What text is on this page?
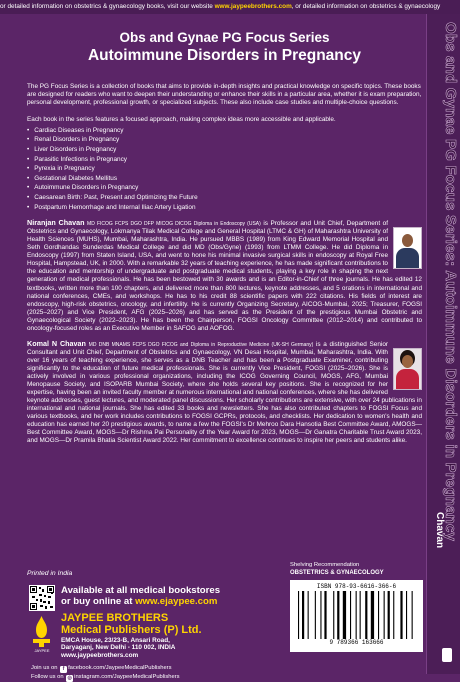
or detailed information on obstetrics & gynaecology books, visit our website www.jaypeebrothers.com, or detailed information on obstetrics & gynaecology
Obs and Gynae PG Focus Series: Autoimmune Disorders in Pregnancy
Chavan
Obs and Gynae PG Focus Series
Autoimmune Disorders in Pregnancy
The PG Focus Series is a collection of books that aims to provide in-depth insights and practical knowledge on specific topics. These books are designed for readers who want to deepen their understanding or enhance their skills in a particular area, whether it is exam preparation, personal development, professional growth, or specialized subjects. These also include case studies and multiple-choice questions.
Each book in the series features a focused approach, making complex ideas more accessible and applicable.
• Cardiac Diseases in Pregnancy
• Renal Disorders in Pregnancy
• Liver Disorders in Pregnancy
• Parasitic Infections in Pregnancy
• Pyrexia in Pregnancy
• Gestational Diabetes Mellitus
• Autoimmune Disorders in Pregnancy
• Caesarean Birth: Past, Present and Optimizing the Future
• Postpartum Hemorrhage and Internal Iliac Artery Ligation
Niranjan Chavan MD FICOG FCPS DGO DFP MICOG DICOG Diploma in Endoscopy (USA) is Professor and Unit Chief, Department of Obstetrics and Gynaecology, Lokmanya Tilak Medical College and General Hospital (LTMC & GH) of Maharashtra University of Health Sciences (MUHS), Mumbai, Maharashtra, India. He pursued MBBS (1989) from King Edward Memorial Hospital and Seth Gordhandas Sunderdas Medical College and did MD (Obs/Gyne) (1993) from LTMM College. He did Diploma in Endoscopy (1997) from Staten Island, USA, and went to hone his minimal invasive surgical skills in endoscopy at Royal Free Hospital, Hampstead, UK, in 2000. With a remarkable 32 years of teaching experience, he has made significant contributions to the education and mentorship of undergraduate and postgraduate medical students, playing a key role in shaping the next generation of medical professionals. He has been bestowed with 30 awards and is an Editor-in-Chief of three journals. He has edited 12 textbooks, written more than 100 chapters, and delivered more than 800 lectures, keynote addresses, and 5 orations in international and national conferences, CMEs, and workshops. He has to his credit 88 scientific papers with 222 citations. His fields of interest are endoscopy, high-risk obstetrics, oncology, and infertility. He is currently Organizing Secretary, AICOG-Mumbai, 2025; Treasurer, FOGSI (2025–2027) and Vice President, AFG (2025–2026) and has served as the President of the prestigious Mumbai Obstetric and Gynaecological Society (2022–2023). He has been the Chairperson, FOGSI Oncology Committee (2012–2014) and contributed to oncology-focused roles as an Executive Member in SAFOG and AOFOG.
Komal N Chavan MD DNB MNAMS FCPS DGO FICOG and Diploma in Reproductive Medicine (UK-SH Germany) is a distinguished Senior Consultant and Unit Chief, Department of Obstetrics and Gynaecology, VN Desai Hospital, Mumbai, Maharashtra, India. With over 16 years of teaching experience, she serves as a DNB Teacher and has been a Postgraduate Examiner, contributing significantly to the education of future medical professionals. She is currently Vice President, FOGSI (2025–2026). She is actively involved in various professional organizations, including the ICOG Governing Council, MOGS, AFG, Mumbai Menopause Society, and ISOPARB Mumbai Society, where she holds several key positions. She is recognized for her expertise, having been an invited faculty member at numerous international and national conferences, where she has delivered keynote addresses, guest lectures, and moderated panel discussions. Her scholarly contributions are extensive, with over 24 publications in international and national journals. She has edited 33 books and newsletters. She has also contributed chapters to FOGSI Focus and various textbooks, and her work includes contributions to FOGSI GCPRs, protocols, and checklists. Her dedication to women's health and education has earned her 20 prestigious awards, to name a few the FOGSI's Dr Mehroo Dara Hansotia Best Committee Award, AMOGS—Best Committee Award, MOGS—Dr Rishma Pai Personality of the Year Award for 2023, MOGS—Dr Ganatra Charitable Trust Award 2023, and MOGS—Dr Pramila Bhatia Scientist Award 2022. Her commitment to excellence continues to inspire her peers and students alike.
Printed in India
Available at all medical bookstores
or buy online at www.ejaypee.com
JAYPEE
JAYPEE BROTHERS
Medical Publishers (P) Ltd.
EMCA House, 23/23-B, Ansari Road,
Daryaganj, New Delhi - 110 002, INDIA
www.jaypeebrothers.com
Join us on f facebook.com/JaypeeMedicalPublishers
Follow us on ◎ instagram.com/JaypeeMedicalPublishers
Shelving Recommendation
OBSTETRICS & GYNAECOLOGY
ISBN 978-93-6616-366-6
9 789366 163666
